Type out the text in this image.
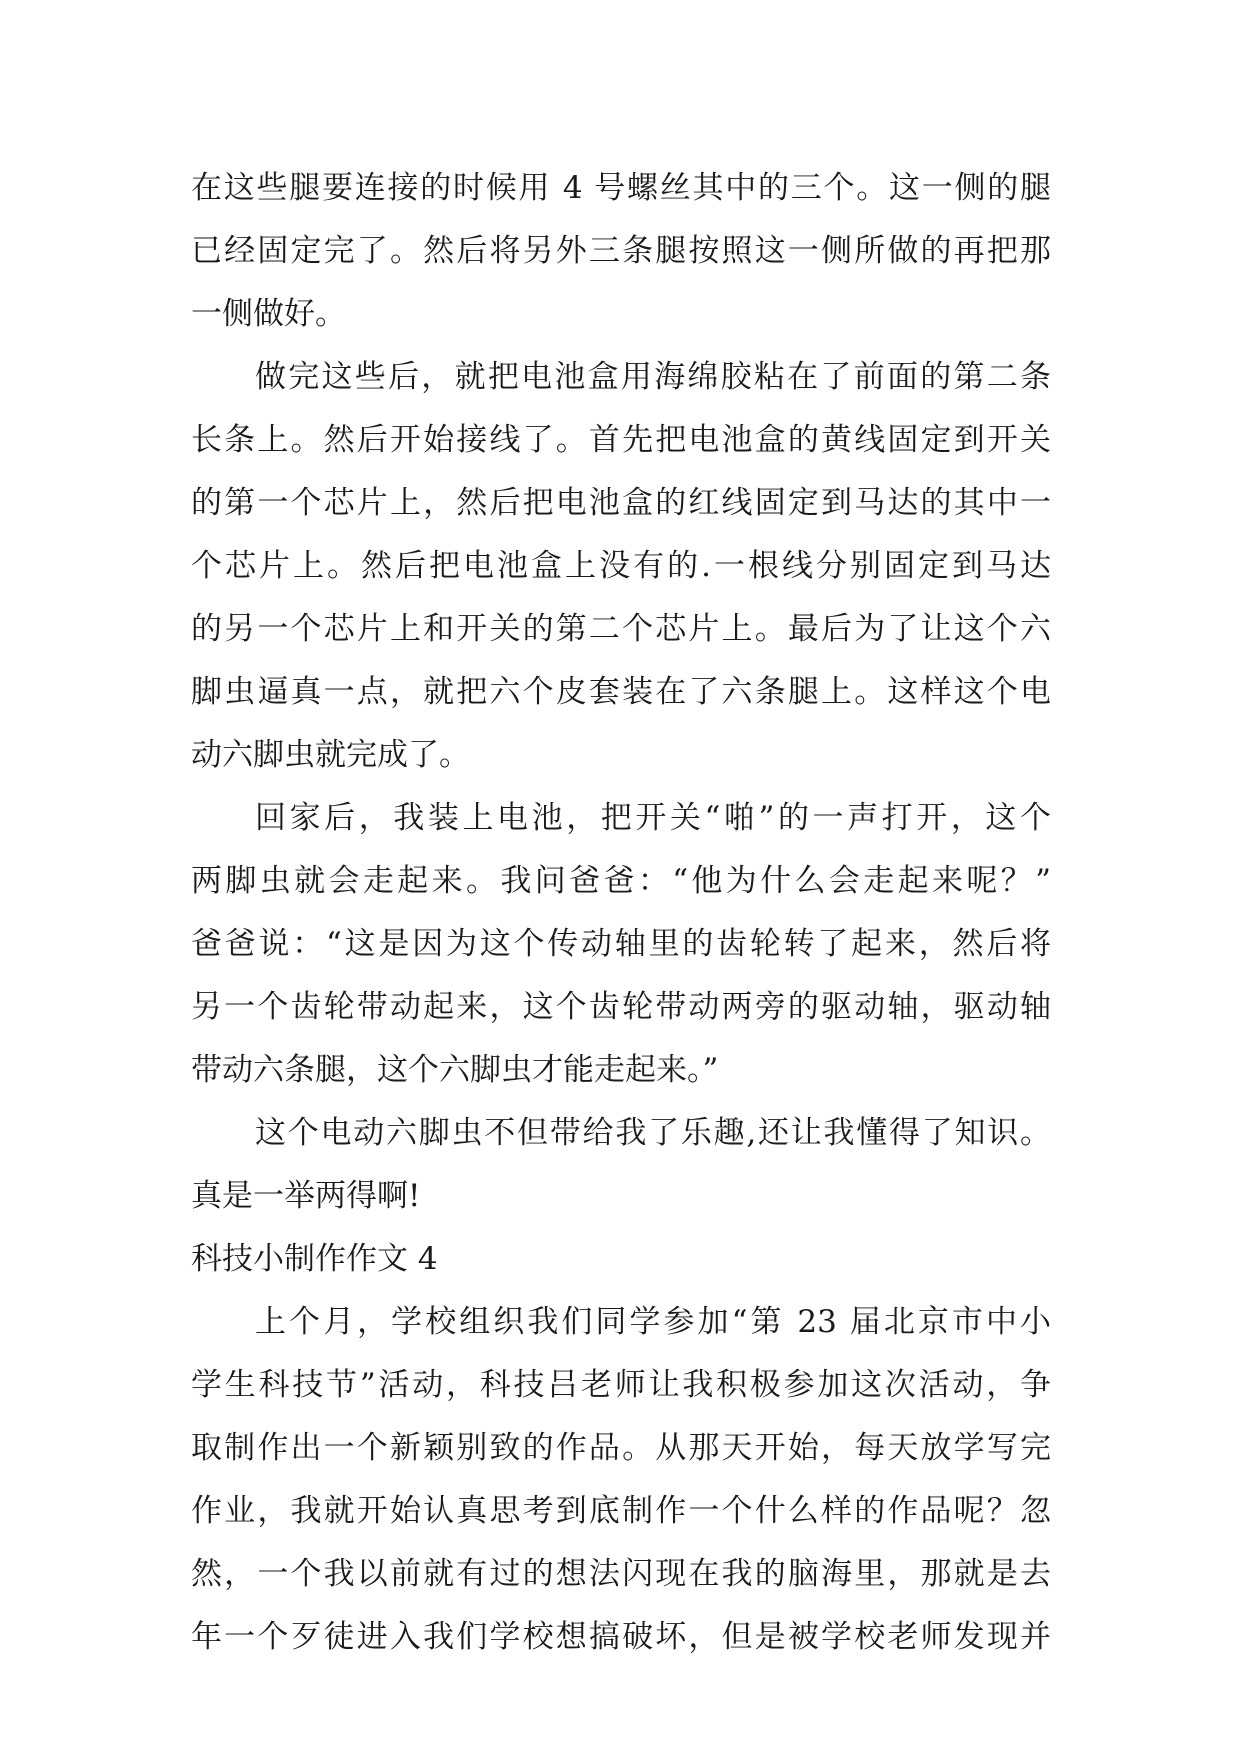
在这些腿要连接的时候用 4 号螺丝其中的三个。这一侧的腿
已经固定完了。然后将另外三条腿按照这一侧所做的再把那
一侧做好。
做完这些后，就把电池盒用海绵胶粘在了前面的第二条
长条上。然后开始接线了。首先把电池盒的黄线固定到开关
的第一个芯片上，然后把电池盒的红线固定到马达的其中一
个芯片上。然后把电池盒上没有的.一根线分别固定到马达
的另一个芯片上和开关的第二个芯片上。最后为了让这个六
脚虫逼真一点，就把六个皮套装在了六条腿上。这样这个电
动六脚虫就完成了。
回家后，我装上电池，把开关“啪”的一声打开，这个
两脚虫就会走起来。我问爸爸：“他为什么会走起来呢？”
爸爸说：“这是因为这个传动轴里的齿轮转了起来，然后将
另一个齿轮带动起来，这个齿轮带动两旁的驱动轴，驱动轴
带动六条腿，这个六脚虫才能走起来。”
这个电动六脚虫不但带给我了乐趣,还让我懂得了知识。
真是一举两得啊!
科技小制作作文 4
上个月，学校组织我们同学参加“第 23 届北京市中小
学生科技节”活动，科技吕老师让我积极参加这次活动，争
取制作出一个新颖别致的作品。从那天开始，每天放学写完
作业，我就开始认真思考到底制作一个什么样的作品呢？忽
然，一个我以前就有过的想法闪现在我的脑海里，那就是去
年一个歹徒进入我们学校想搞破坏，但是被学校老师发现并
